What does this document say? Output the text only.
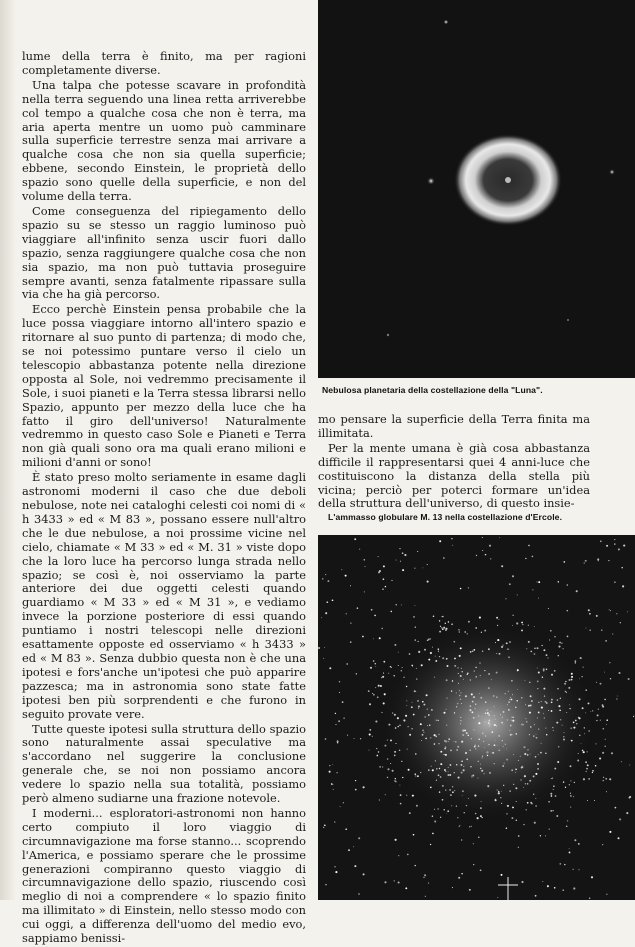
lume della terra è finito, ma per ragioni completamente diverse.

Una talpa che potesse scavare in profondità nella terra seguendo una linea retta arriverebbe col tempo a qualche cosa che non è terra, ma aria aperta mentre un uomo può camminare sulla superficie terrestre senza mai arrivare a qualche cosa che non sia quella superficie; ebbene, secondo Einstein, le proprietà dello spazio sono quelle della superficie, e non del volume della terra.

Come conseguenza del ripiegamento dello spazio su se stesso un raggio luminoso può viaggiare all'infinito senza uscir fuori dallo spazio, senza raggiungere qualche cosa che non sia spazio, ma non può tuttavia proseguire sempre avanti, senza fatalmente ripassare sulla via che ha già percorso.

Ecco perchè Einstein pensa probabile che la luce possa viaggiare intorno all'intero spazio e ritornare al suo punto di partenza; di modo che, se noi potessimo puntare verso il cielo un telescopio abbastanza potente nella direzione opposta al Sole, noi vedremmo precisamente il Sole, i suoi pianeti e la Terra stessa librarsi nello Spazio, appunto per mezzo della luce che ha fatto il giro dell'universo! Naturalmente vedremmo in questo caso Sole e Pianeti e Terra non già quali sono ora ma quali erano milioni e milioni d'anni or sono!

È stato preso molto seriamente in esame dagli astronomi moderni il caso che due deboli nebulose, note nei cataloghi celesti coi nomi di « h 3433 » ed « M 83 », possano essere null'altro che le due nebulose, a noi prossime vicine nel cielo, chiamate « M 33 » ed « M. 31 » viste dopo che la loro luce ha percorso lunga strada nello spazio; se così è, noi osserviamo la parte anteriore dei due oggetti celesti quando guardiamo « M 33 » ed « M 31 », e vediamo invece la porzione posteriore di essi quando puntiamo i nostri telescopi nelle direzioni esattamente opposte ed osserviamo « h 3433 » ed « M 83 ». Senza dubbio questa non è che una ipotesi e fors'anche un'ipotesi che può apparire pazzesca; ma in astronomia sono state fatte ipotesi ben più sorprendenti e che furono in seguito provate vere.

Tutte queste ipotesi sulla struttura dello spazio sono naturalmente assai speculative ma s'accordano nel suggerire la conclusione generale che, se noi non possiamo ancora vedere lo spazio nella sua totalità, possiamo però almeno sudiarne una frazione notevole.

I moderni... esploratori-astronomi non hanno certo compiuto il loro viaggio di circumnavigazione ma forse stanno... scoprendo l'America, e possiamo sperare che le prossime generazioni compiranno questo viaggio di circumnavigazione dello spazio, riuscendo così meglio di noi a comprendere « lo spazio finito ma illimitato » di Einstein, nello stesso modo con cui oggi, a differenza dell'uomo del medio evo, sappiamo benissi-

Nebulosa planetaria della costellazione della "Luna".

mo pensare la superficie della Terra finita ma illimitata.

Per la mente umana è già cosa abbastanza difficile il rappresentarsi quei 4 anni-luce che costituiscono la distanza della stella più vicina; perciò per poterci formare un'idea della struttura dell'universo, di questo insie-

L'ammasso globulare M. 13 nella costellazione d'Ercole.
